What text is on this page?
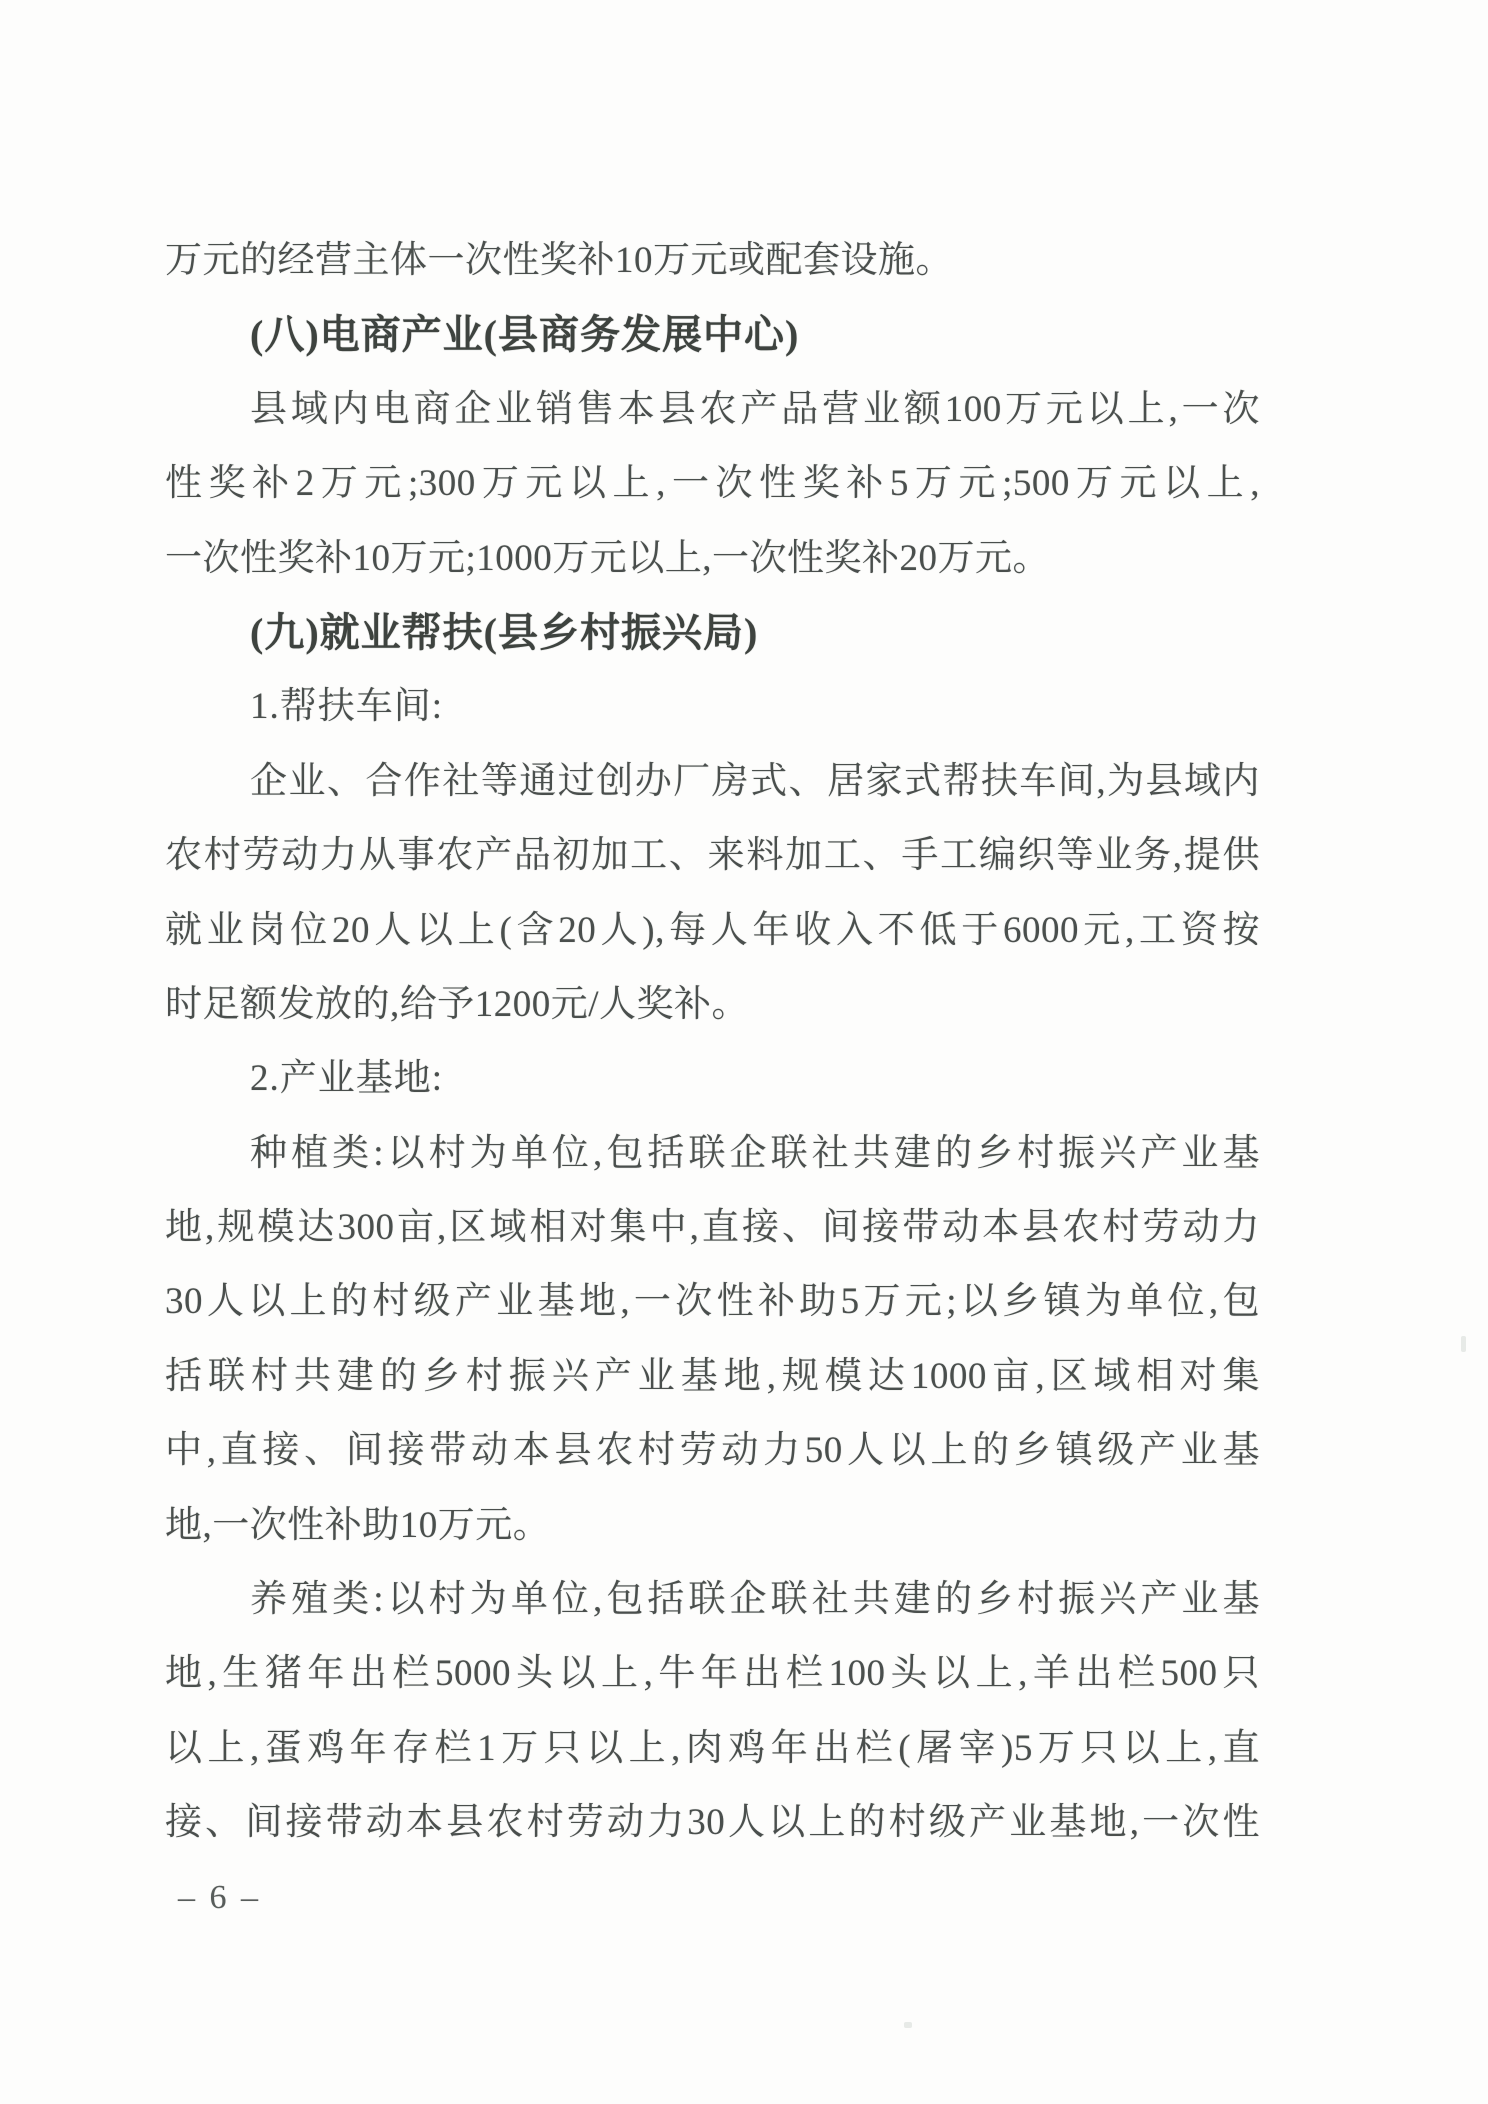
万元的经营主体一次性奖补10万元或配套设施。
(八)电商产业(县商务发展中心)
县域内电商企业销售本县农产品营业额100万元以上,一次
性奖补2万元;300万元以上,一次性奖补5万元;500万元以上,
一次性奖补10万元;1000万元以上,一次性奖补20万元。
(九)就业帮扶(县乡村振兴局)
1.帮扶车间:
企业、合作社等通过创办厂房式、居家式帮扶车间,为县域内
农村劳动力从事农产品初加工、来料加工、手工编织等业务,提供
就业岗位20人以上(含20人),每人年收入不低于6000元,工资按
时足额发放的,给予1200元/人奖补。
2.产业基地:
种植类:以村为单位,包括联企联社共建的乡村振兴产业基
地,规模达300亩,区域相对集中,直接、间接带动本县农村劳动力
30人以上的村级产业基地,一次性补助5万元;以乡镇为单位,包
括联村共建的乡村振兴产业基地,规模达1000亩,区域相对集
中,直接、间接带动本县农村劳动力50人以上的乡镇级产业基
地,一次性补助10万元。
养殖类:以村为单位,包括联企联社共建的乡村振兴产业基
地,生猪年出栏5000头以上,牛年出栏100头以上,羊出栏500只
以上,蛋鸡年存栏1万只以上,肉鸡年出栏(屠宰)5万只以上,直
接、间接带动本县农村劳动力30人以上的村级产业基地,一次性
– 6 –
